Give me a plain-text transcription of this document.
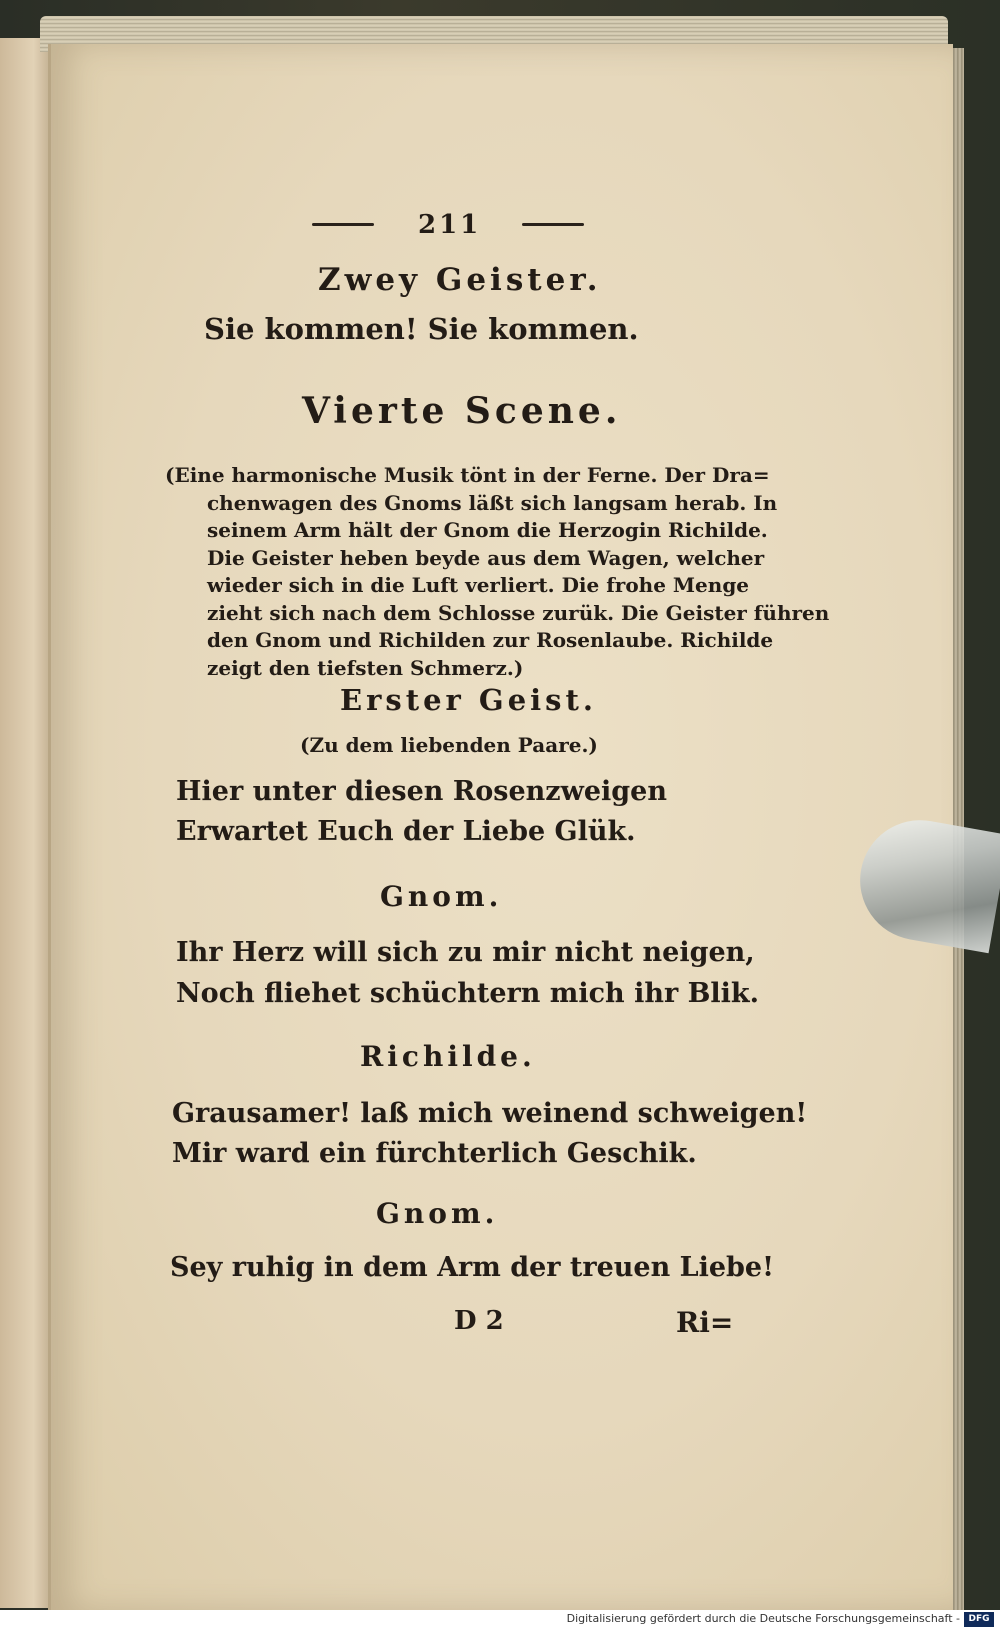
211
Zwey Geister.
Sie kommen! Sie kommen.
Vierte Scene.
(Eine harmonische Musik tönt in der Ferne. Der Dra=
chenwagen des Gnoms läßt sich langsam herab. In
seinem Arm hält der Gnom die Herzogin Richilde.
Die Geister heben beyde aus dem Wagen, welcher
wieder sich in die Luft verliert. Die frohe Menge
zieht sich nach dem Schlosse zurük. Die Geister führen
den Gnom und Richilden zur Rosenlaube. Richilde
zeigt den tiefsten Schmerz.)
Erster Geist.
(Zu dem liebenden Paare.)
Hier unter diesen Rosenzweigen
Erwartet Euch der Liebe Glük.
Gnom.
Ihr Herz will sich zu mir nicht neigen,
Noch fliehet schüchtern mich ihr Blik.
Richilde.
Grausamer! laß mich weinend schweigen!
Mir ward ein fürchterlich Geschik.
Gnom.
Sey ruhig in dem Arm der treuen Liebe!
D 2	Ri=
Digitalisierung gefördert durch die Deutsche Forschungsgemeinschaft - DFG
